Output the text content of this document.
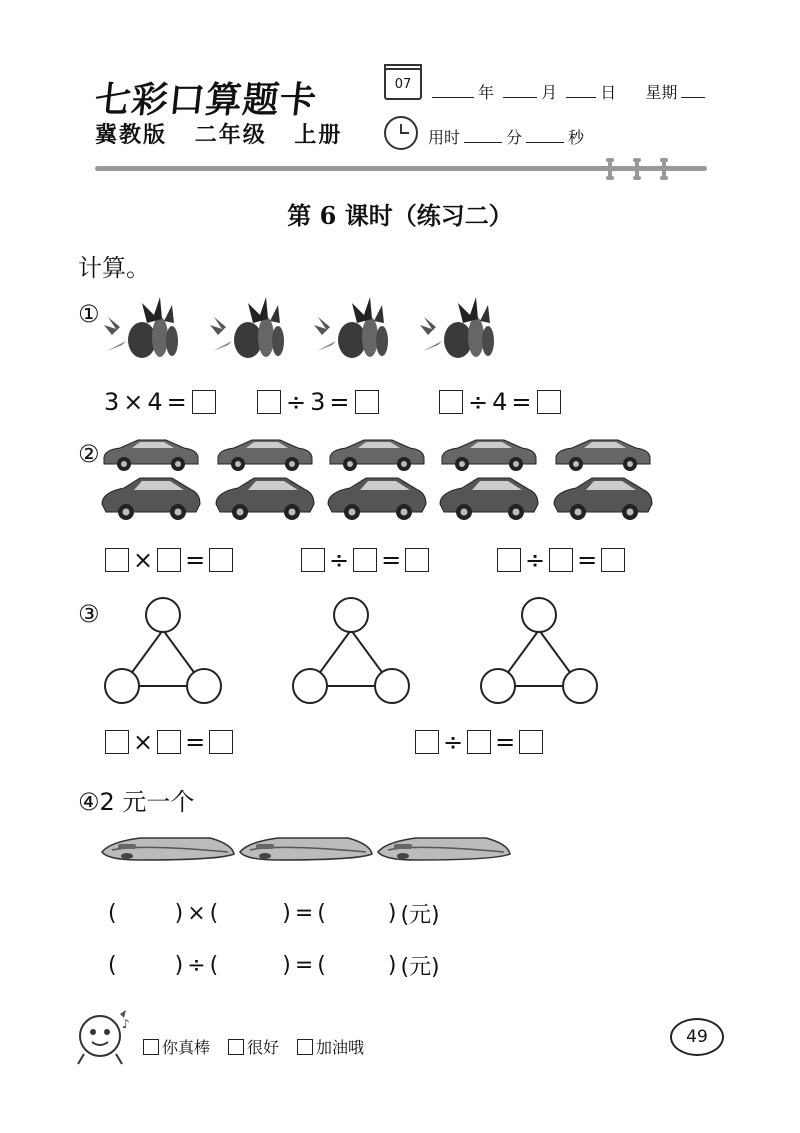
七彩口算题卡
冀教版 二年级 上册
07	年	月	日 星期
用时	分	秒
第 6 课时（练习二）
计算。
①
3 × 4 =	÷ 3 =	÷ 4 =
②
× =	÷ =	÷ =
③
× =	÷ =
④2 元一个
(	) × (	) = (	) (元)
(	) ÷ (	) = (	) (元)
♪
你真棒 很好 加油哦
49
